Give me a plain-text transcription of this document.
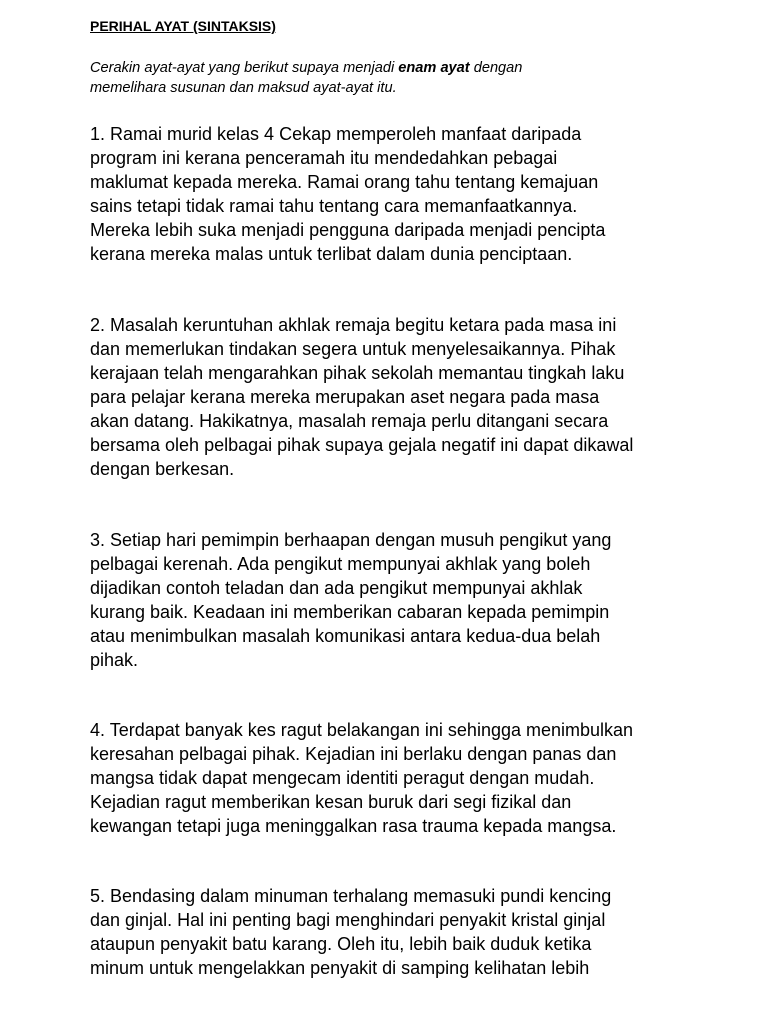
PERIHAL AYAT (SINTAKSIS)
Cerakin ayat-ayat yang berikut supaya menjadi enam ayat dengan
memelihara susunan dan maksud ayat-ayat itu.
1. Ramai murid kelas 4 Cekap memperoleh manfaat daripada
program ini kerana penceramah itu mendedahkan pebagai
maklumat kepada mereka. Ramai orang tahu tentang kemajuan
sains tetapi tidak ramai tahu tentang cara memanfaatkannya.
Mereka lebih suka menjadi pengguna daripada menjadi pencipta
kerana mereka malas untuk terlibat dalam dunia penciptaan.
2. Masalah keruntuhan akhlak remaja begitu ketara pada masa ini
dan memerlukan tindakan segera untuk menyelesaikannya. Pihak
kerajaan telah mengarahkan pihak sekolah memantau tingkah laku
para pelajar kerana mereka merupakan aset negara pada masa
akan datang. Hakikatnya, masalah remaja perlu ditangani secara
bersama oleh pelbagai pihak supaya gejala negatif ini dapat dikawal
dengan berkesan.
3. Setiap hari pemimpin berhaapan dengan musuh pengikut yang
pelbagai kerenah. Ada pengikut mempunyai akhlak yang boleh
dijadikan contoh teladan dan ada pengikut mempunyai akhlak
kurang baik. Keadaan ini memberikan cabaran kepada pemimpin
atau menimbulkan masalah komunikasi antara kedua-dua belah
pihak.
4. Terdapat banyak kes ragut belakangan ini sehingga menimbulkan
keresahan pelbagai pihak. Kejadian ini berlaku dengan panas dan
mangsa tidak dapat mengecam identiti peragut dengan mudah.
Kejadian ragut memberikan kesan buruk dari segi fizikal dan
kewangan tetapi juga meninggalkan rasa trauma kepada mangsa.
5. Bendasing dalam minuman terhalang memasuki pundi kencing
dan ginjal. Hal ini penting bagi menghindari penyakit kristal ginjal
ataupun penyakit batu karang. Oleh itu, lebih baik duduk ketika
minum untuk mengelakkan penyakit di samping kelihatan lebih
